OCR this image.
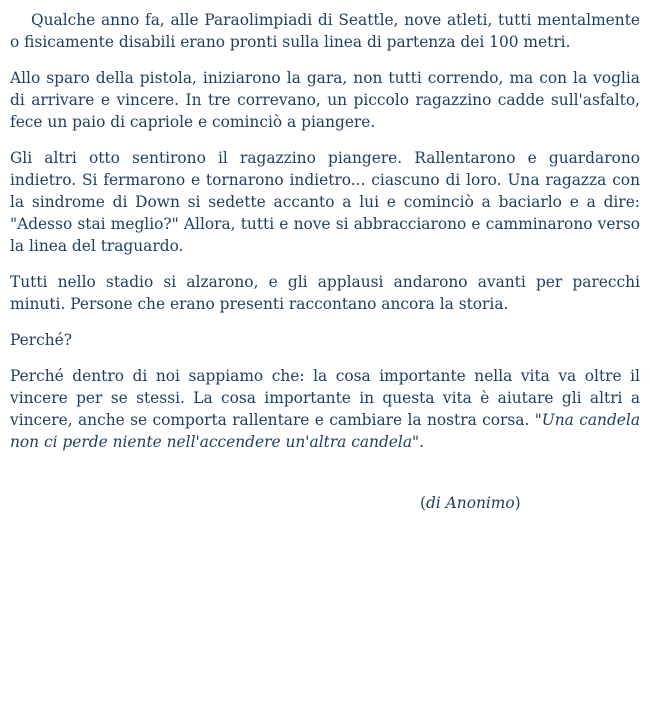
Qualche anno fa, alle Paraolimpiadi di Seattle, nove atleti, tutti mentalmente o fisicamente disabili erano pronti sulla linea di partenza dei 100 metri.

Allo sparo della pistola, iniziarono la gara, non tutti correndo, ma con la voglia di arrivare e vincere. In tre correvano, un piccolo ragazzino cadde sull'asfalto, fece un paio di capriole e cominciò a piangere.

Gli altri otto sentirono il ragazzino piangere. Rallentarono e guardarono indietro. Si fermarono e tornarono indietro... ciascuno di loro. Una ragazza con la sindrome di Down si sedette accanto a lui e cominciò a baciarlo e a dire: "Adesso stai meglio?" Allora, tutti e nove si abbracciarono e camminarono verso la linea del traguardo.

Tutti nello stadio si alzarono, e gli applausi andarono avanti per parecchi minuti. Persone che erano presenti raccontano ancora la storia.

Perché?

Perché dentro di noi sappiamo che: la cosa importante nella vita va oltre il vincere per se stessi. La cosa importante in questa vita è aiutare gli altri a vincere, anche se comporta rallentare e cambiare la nostra corsa. "Una candela non ci perde niente nell'accendere un'altra candela".

(di Anonimo)
